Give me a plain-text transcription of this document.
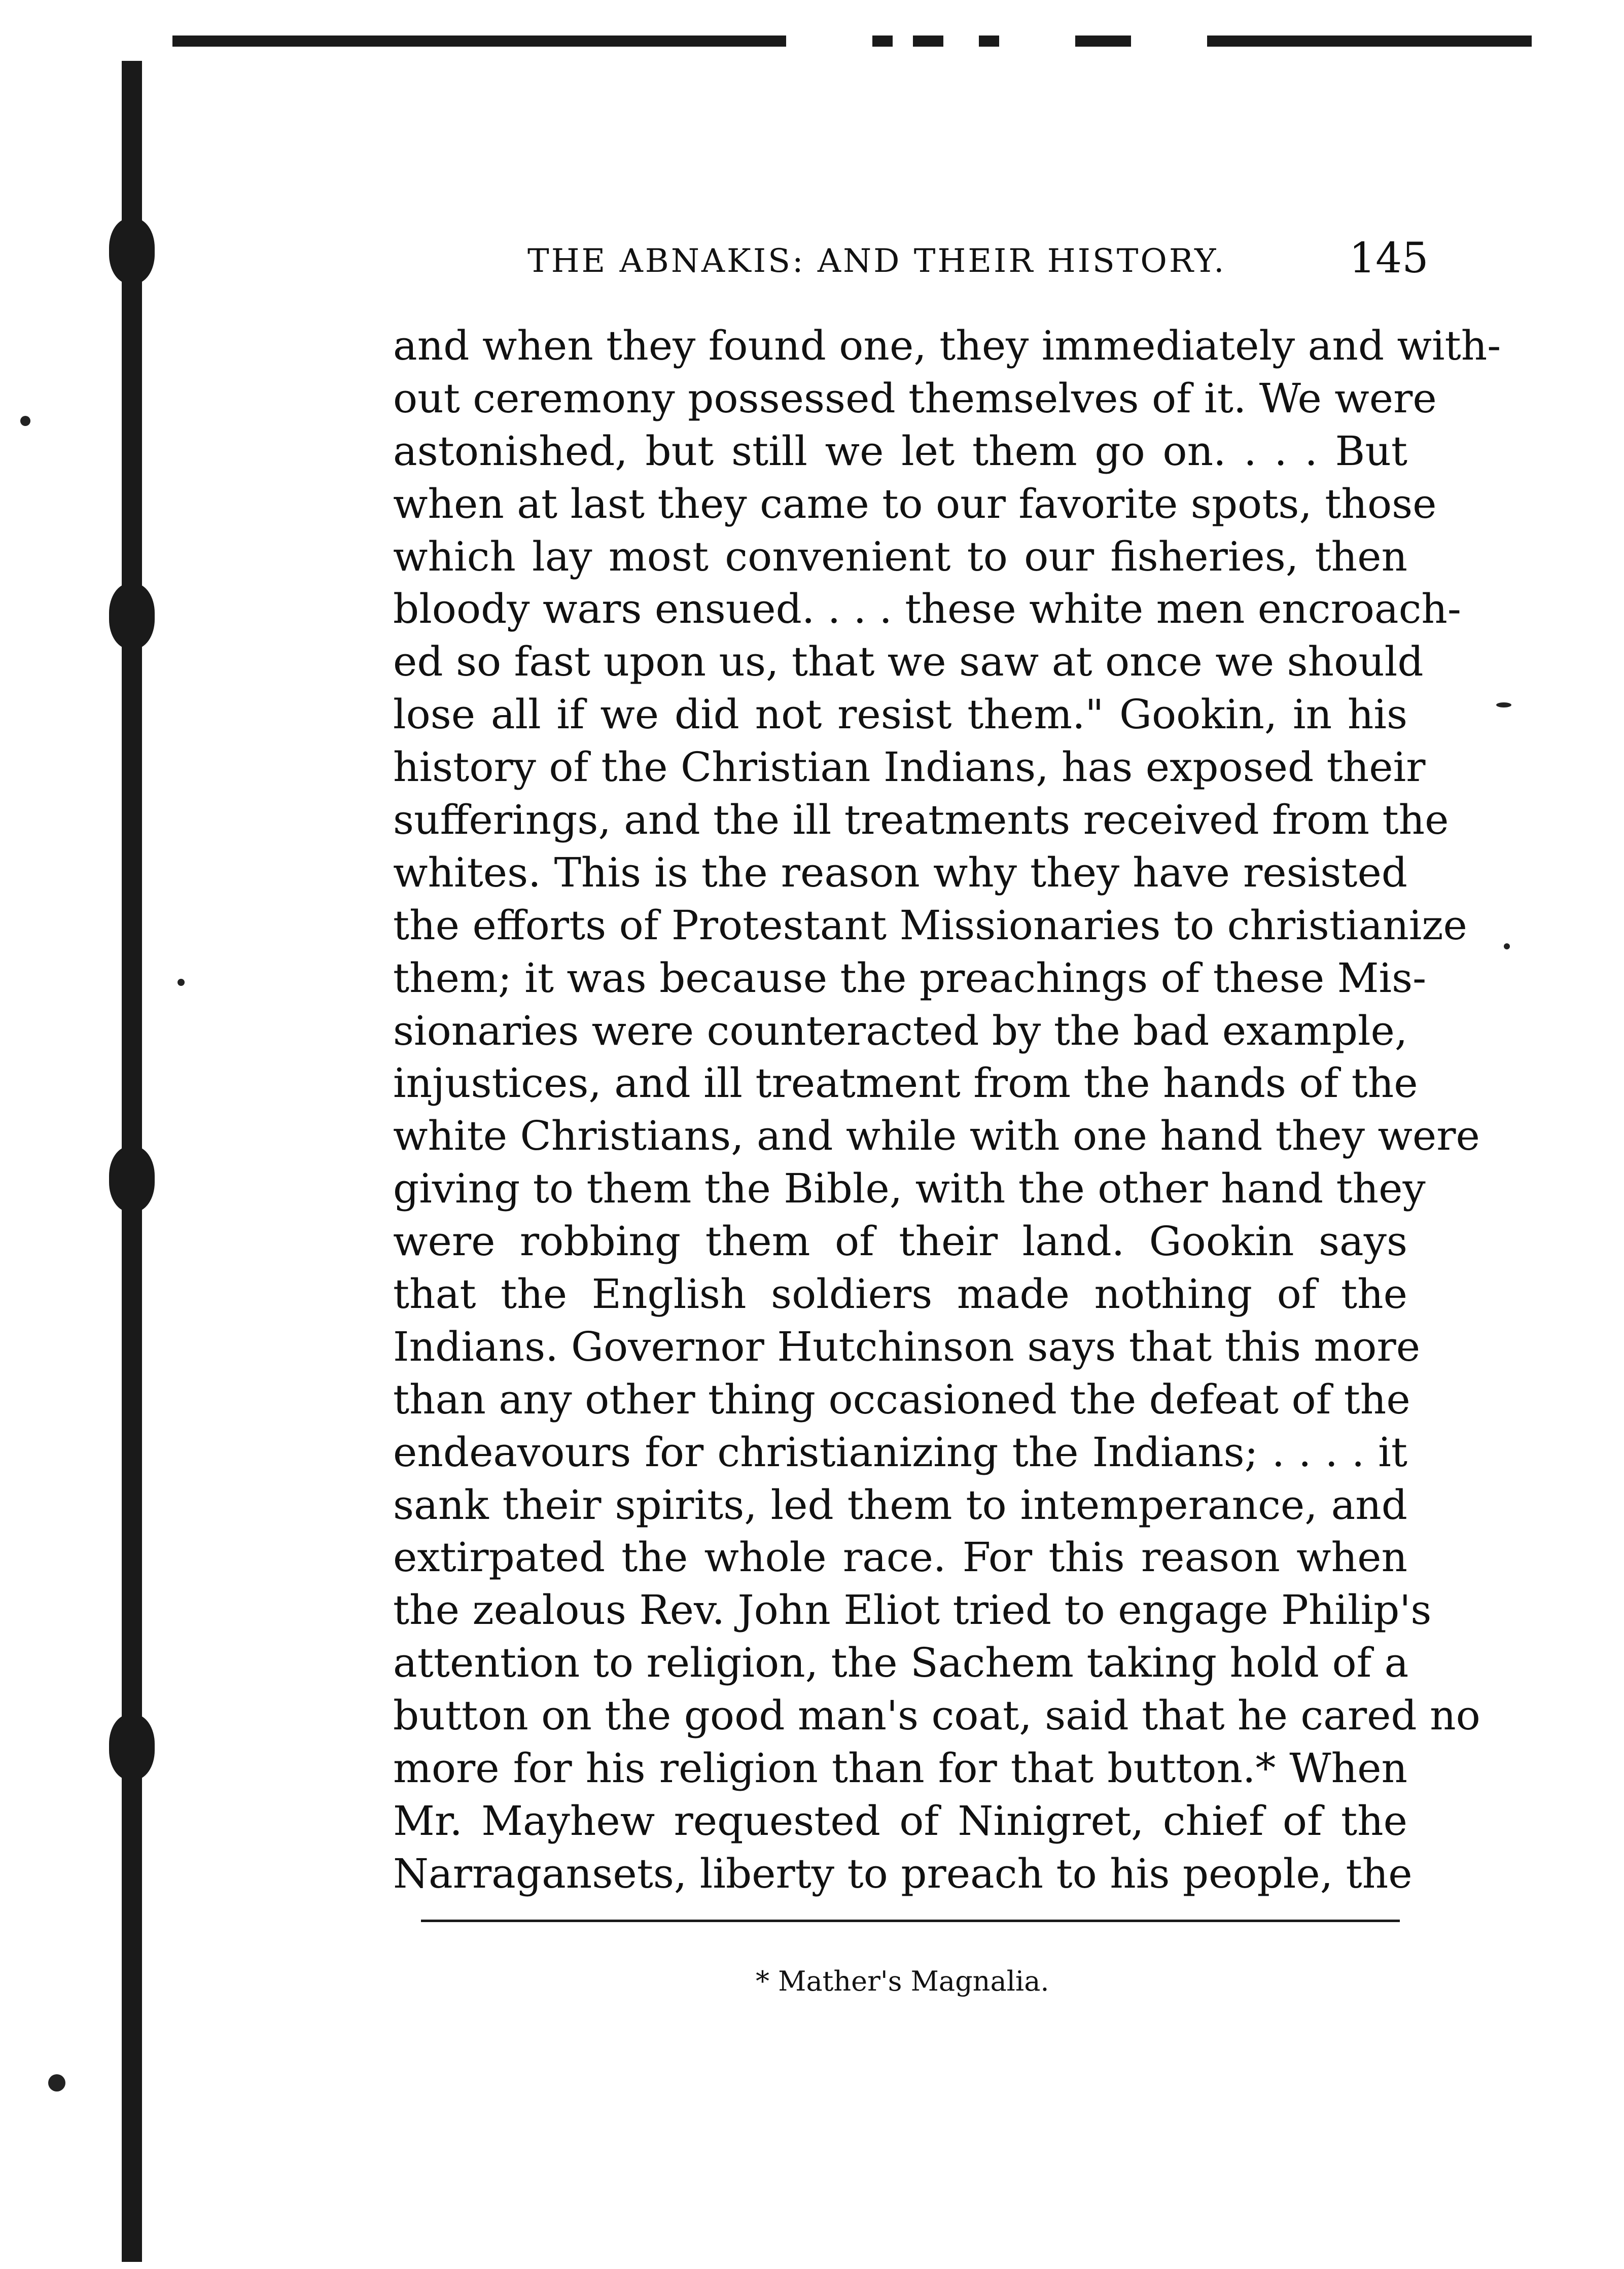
THE ABNAKIS: AND THEIR HISTORY.	145
and when they found one, they immediately and with-
out ceremony possessed themselves of it. We were
astonished, but still we let them go on. . . . But
when at last they came to our favorite spots, those
which lay most convenient to our fisheries, then
bloody wars ensued. . . . these white men encroach-
ed so fast upon us, that we saw at once we should
lose all if we did not resist them." Gookin, in his
history of the Christian Indians, has exposed their
sufferings, and the ill treatments received from the
whites. This is the reason why they have resisted
the efforts of Protestant Missionaries to christianize
them; it was because the preachings of these Mis-
sionaries were counteracted by the bad example,
injustices, and ill treatment from the hands of the
white Christians, and while with one hand they were
giving to them the Bible, with the other hand they
were robbing them of their land. Gookin says
that the English soldiers made nothing of the
Indians. Governor Hutchinson says that this more
than any other thing occasioned the defeat of the
endeavours for christianizing the Indians; . . . . it
sank their spirits, led them to intemperance, and
extirpated the whole race. For this reason when
the zealous Rev. John Eliot tried to engage Philip's
attention to religion, the Sachem taking hold of a
button on the good man's coat, said that he cared no
more for his religion than for that button.* When
Mr. Mayhew requested of Ninigret, chief of the
Narragansets, liberty to preach to his people, the
* Mather's Magnalia.
